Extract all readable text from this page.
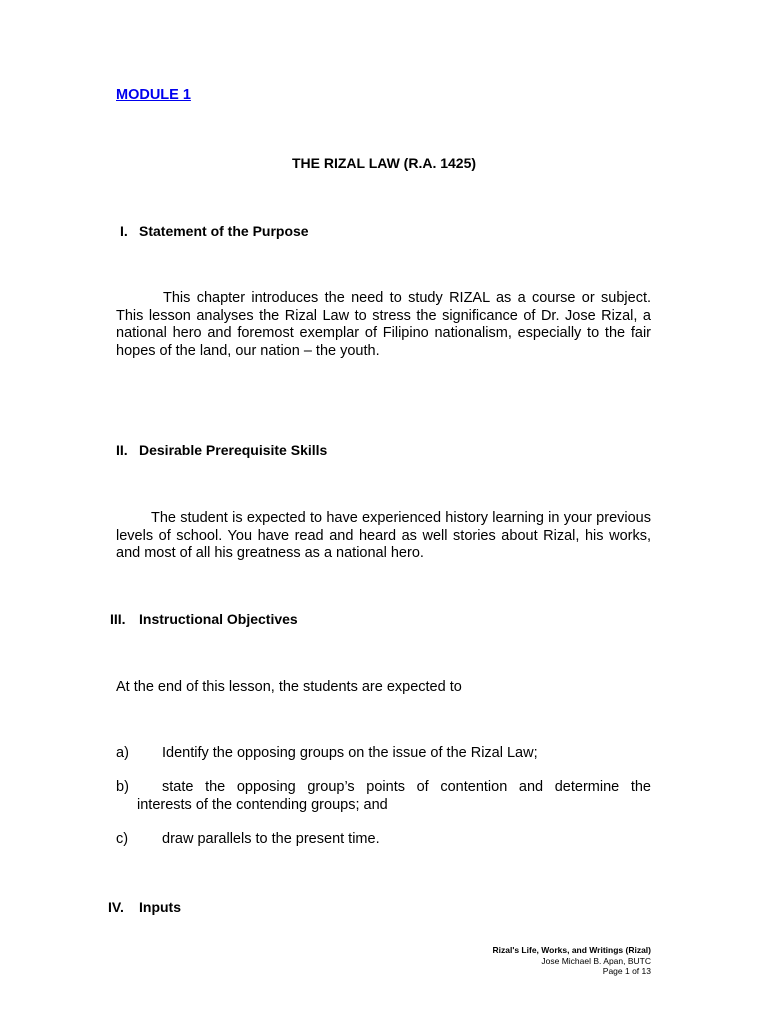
MODULE 1
THE RIZAL LAW (R.A. 1425)
I. Statement of the Purpose
This chapter introduces the need to study RIZAL as a course or subject. This lesson analyses the Rizal Law to stress the significance of Dr. Jose Rizal, a national hero and foremost exemplar of Filipino nationalism, especially to the fair hopes of the land, our nation – the youth.
II. Desirable Prerequisite Skills
The student is expected to have experienced history learning in your previous levels of school. You have read and heard as well stories about Rizal, his works, and most of all his greatness as a national hero.
III. Instructional Objectives
At the end of this lesson, the students are expected to
a) Identify the opposing groups on the issue of the Rizal Law;
b)	state the opposing group’s points of contention and determine the
interests of the contending groups; and
c) draw parallels to the present time.
IV. Inputs
Rizal's Life, Works, and Writings (Rizal)
Jose Michael B. Apan, BUTC
Page 1 of 13
